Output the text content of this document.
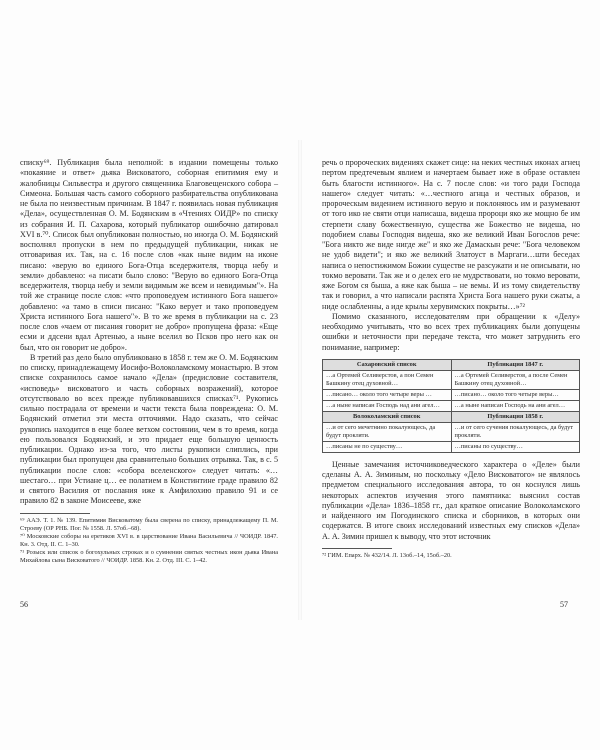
списку⁶⁹. Публикация была неполной: в издании помещены только «покаяние и ответ» дьяка Висковатого, соборная епитимия ему и жалобницы Сильвестра и другого священника Благовещенского собора – Симеона. Большая часть самого соборного разбирательства опубликована не была по неизвестным причинам. В 1847 г. появилась новая публикация «Дела», осуществленная О. М. Бодянским в «Чтениях ОИДР» по списку из собрания И. П. Сахарова, который публикатор ошибочно датировал XVI в.⁷⁰. Список был опубликован полностью, но иногда О. М. Бодянский восполнял пропуски в нем по предыдущей публикации, никак не отговаривая их. Так, на с. 16 после слов «как ныне видим на иконе писано: «верую во единого Бога-Отца вседержителя, творца небу и земли» добавлено: «а писати было слово: "Верую во единого Бога-Отца вседержителя, творца небу и земли видимым же всем и невидимым"». На той же странице после слов: «что проповедуем истинного Бога нашего» добавлено: «а тамо в списи писано: "Како верует и тако проповедуем Христа истинного Бога нашего"». В то же время в публикации на с. 23 после слов «чаем от писания говорит не добро» пропущена фраза: «Еще есми и ддсени вдал Артенью, а ныне вселил во Псков про него как он был, что он говорит не добро».

В третий раз дело было опубликовано в 1858 г. тем же О. М. Бодянским по списку, принадлежащему Иосифо-Волоколамскому монастырю. В этом списке сохранилось самое начало «Дела» (предисловие составителя, «исповедь» висковатого и часть соборных возражений), которое отсутствовало во всех прежде публиковавшихся списках⁷¹. Рукопись сильно пострадала от времени и части текста была повреждена: О. М. Бодянский отметил эти места отточиями. Надо сказать, что сейчас рукопись находится в еще более ветхом состоянии, чем в то время, когда ею пользовался Бодянский, и это придает еще большую ценность публикации. Однако из-за того, что листы рукописи слиплись, при публикации был пропущен два сравнительно больших отрывка. Так, в с. 5 публикации после слов: «собора вселенского» следует читать: «…шестаго… при Устиане ц… ее полатием в Констинтине граде правило 82 и святого Василия от послания иже к Амфилохию правило 91 и се правило 82 в законе Моисееве, яже

⁶⁹ ААЭ. Т. 1. № 139. Епитимия Висковатому была сверена по списку, принадлежащему П. М. Строеву (ОР РНБ. Пог. № 1558. Л. 57об.–68).

⁷⁰ Московские соборы на еретиков XVI в. в царствование Ивана Васильевича // ЧОИДР. 1847. Кн. 3. Отд. II. С. 1–30.

⁷¹ Розыск или список о богохульных строках и о сумнении святых честных икон дьяка Ивана Михайлова сына Висковатого // ЧОИДР. 1858. Кн. 2. Отд. III. С. 1–42.

56

речь о пророческих видениях скажет сице: на неких честных иконах агнец пертом предтечевым явлием и начертаем бывает иже в образе оставлен быть благости истинного». На с. 7 после слов: «и того ради Господа нашего» следует читать: «…честного агнца и честных образов, и пророческым видением истинного верую и поклоняюсь им и разумевают от того ико не святи отци написаша, видеша пророци яко же мощно бе им стерпети славу божественную, существа же Божество не видеша, но подобием славы Господня видеша, яко же великий Иван Богослов рече: "Бога никто же виде нигде же" и яко же Дамаскын рече: "Бога человеком не удоб видети"; и яко же великий Златоуст в Маргаги…шти беседах написа о непостижимом Божии существе не разсужати и не описывати, но токмо веровати. Так же и о делех его не мудрствовати, но токмо веровати, яже Богом ся быша, а яже как быша – не вемы. И из тому свидетельству так и говорил, а что написали распята Христа Бога нашего руки сжаты, а ниде ослабленны, а иде крылы херувимских покрыты…»⁷²

Помимо сказанного, исследователям при обращении к «Делу» необходимо учитывать, что во всех трех публикациях были допущены ошибки и неточности при передаче текста, что может затруднить его понимание, например:

Сахаровский список	Публикация 1847 г.
…а Ортемей Селиверстов, а пон Семен Башкину отец духовной…	…а Ортемей Селиверстов, а после Семен Башкину отец духовной…
…писано… около того четыре веры …	…писано… около того четыре веры…
…а ныне написан Господь над ани агел…	…а ныне написан Господь на ани агел…
Волоколамский список	Публикация 1858 г.
…и от сего мечетнино покалующесь, да будут прокляти.	…и от сего сучения покалующесь, да будут прокляти.
…писаны не по существу…	…писаны по существу…

Ценные замечания источниковедческого характера о «Деле» были сделаны А. А. Зиминым, но поскольку «Дело Висковатого» не являлось предметом специального исследования автора, то он коснулся лишь некоторых аспектов изучения этого памятника: выяснил состав публикации «Дела» 1836–1858 гг., дал краткое описание Волоколамского и найденного им Погодинского списка и сборников, в которых они содержатся. В итоге своих исследований известных ему списков «Дела» А. А. Зимин пришел к выводу, что этот источник

⁷² ГИМ. Епарх. № 432/14. Л. 13об.–14, 15об.–20.

57
